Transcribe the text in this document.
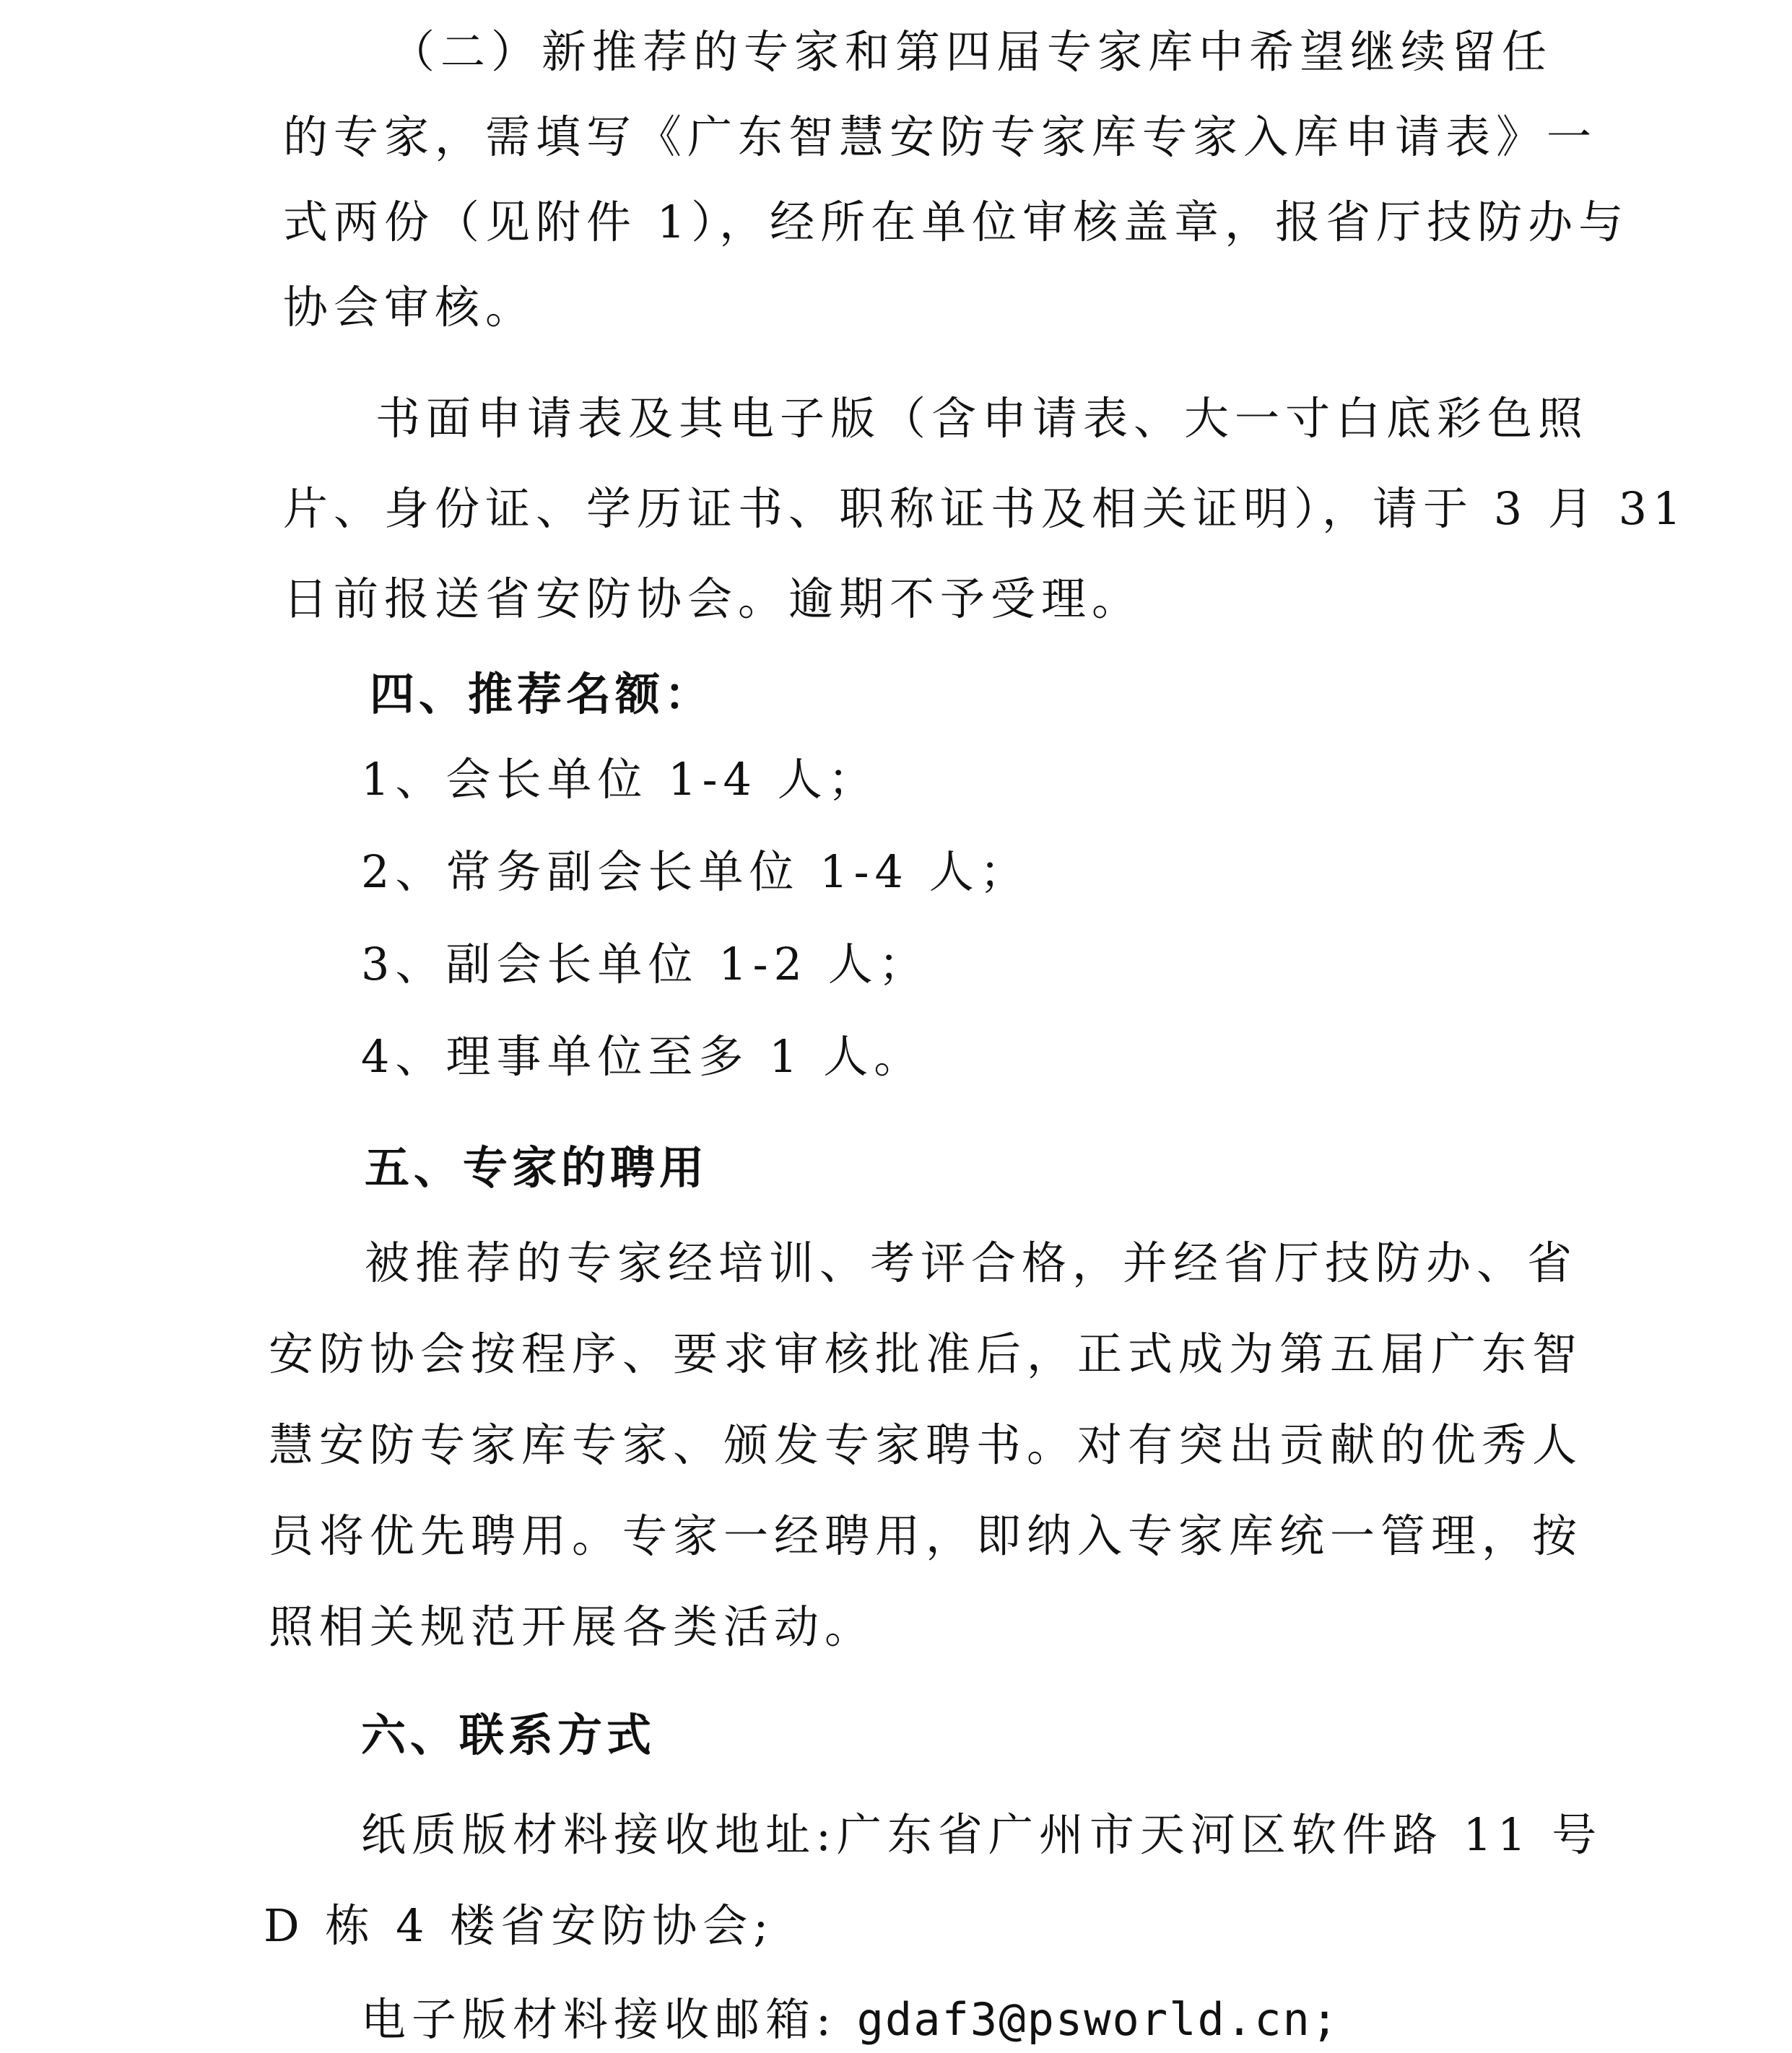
（二）新推荐的专家和第四届专家库中希望继续留任
的专家，需填写《广东智慧安防专家库专家入库申请表》一
式两份（见附件 1），经所在单位审核盖章，报省厅技防办与
协会审核。
书面申请表及其电子版（含申请表、大一寸白底彩色照
片、身份证、学历证书、职称证书及相关证明），请于 3 月 31
日前报送省安防协会。逾期不予受理。
四、推荐名额：
1、会长单位 1-4 人；
2、常务副会长单位 1-4 人；
3、副会长单位 1-2 人；
4、理事单位至多 1 人。
五、专家的聘用
被推荐的专家经培训、考评合格，并经省厅技防办、省
安防协会按程序、要求审核批准后，正式成为第五届广东智
慧安防专家库专家、颁发专家聘书。对有突出贡献的优秀人
员将优先聘用。专家一经聘用，即纳入专家库统一管理，按
照相关规范开展各类活动。
六、联系方式
纸质版材料接收地址:广东省广州市天河区软件路 11 号
D 栋 4 楼省安防协会;
电子版材料接收邮箱: gdaf3@psworld.cn;
